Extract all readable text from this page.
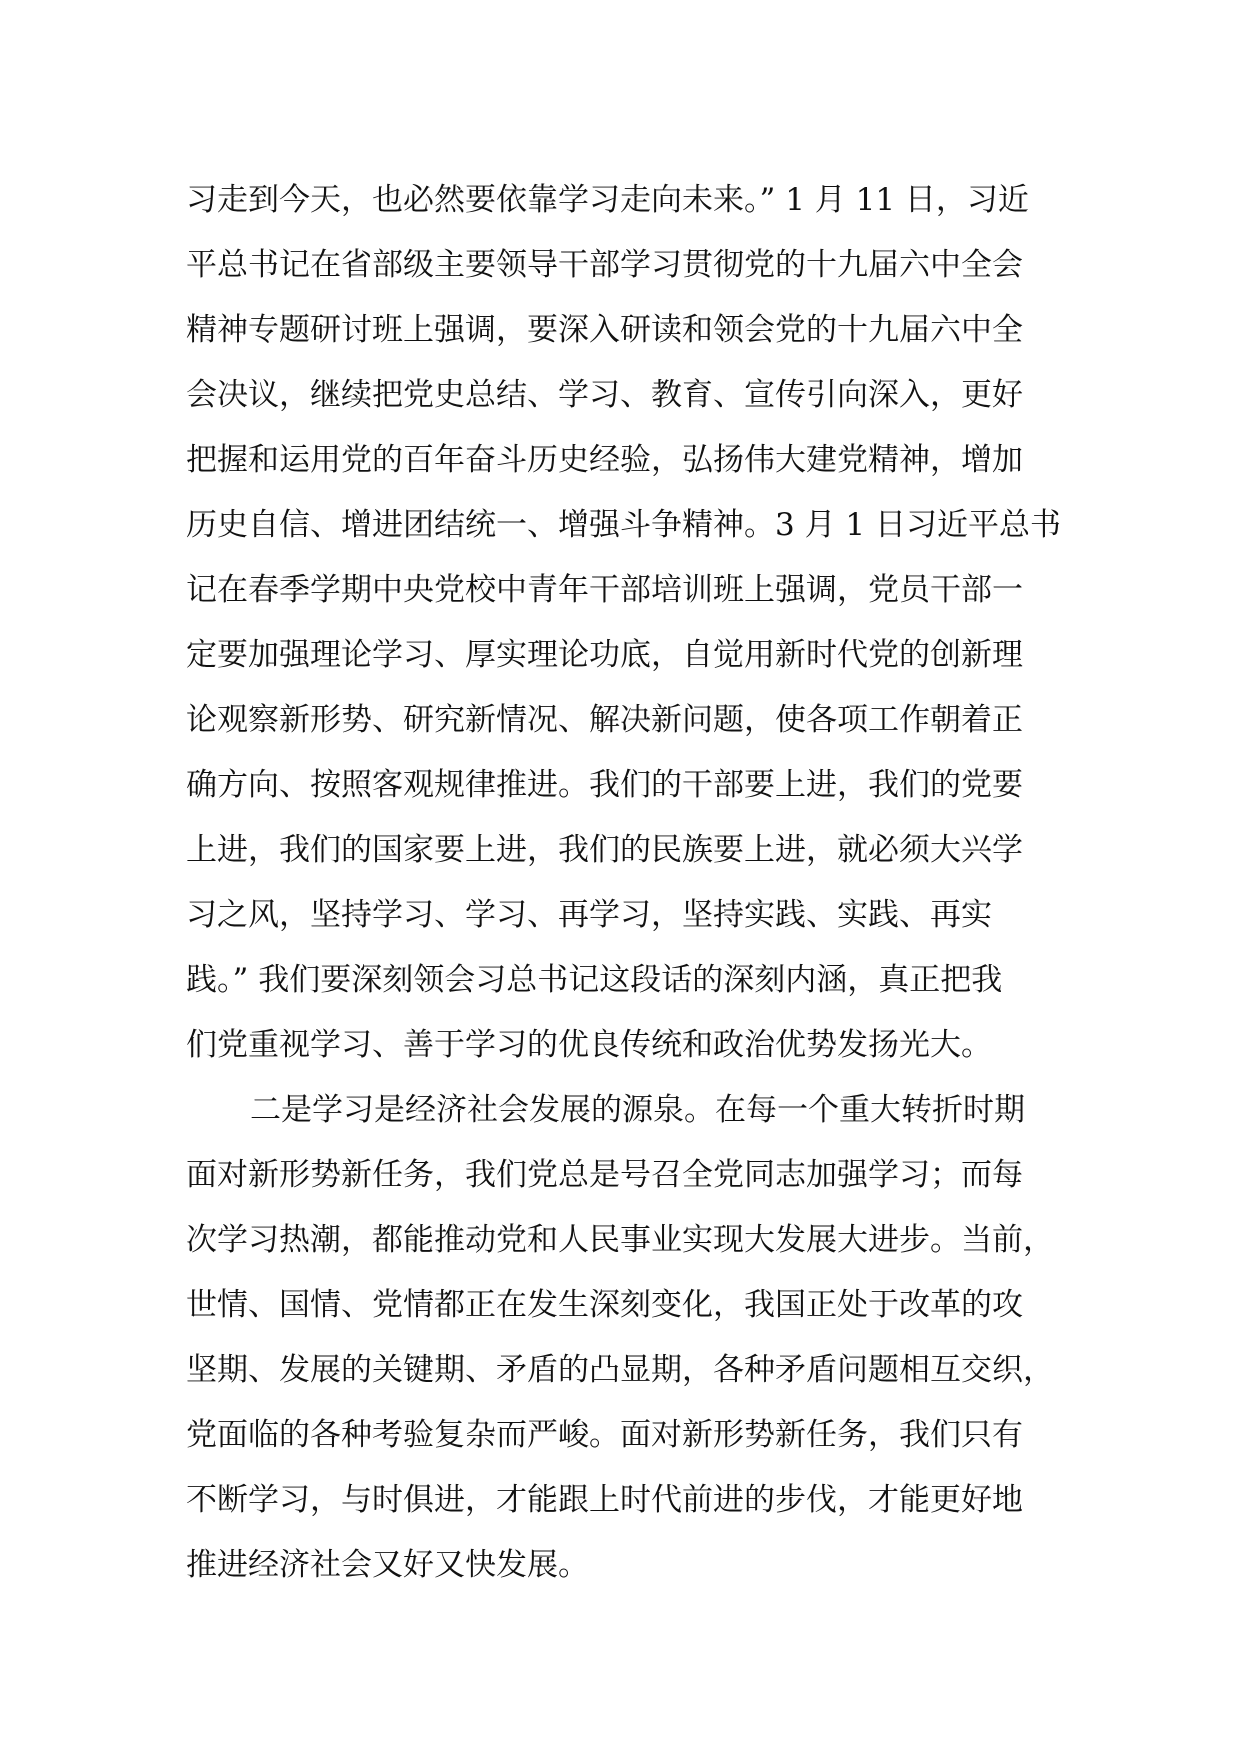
习走到今天，也必然要依靠学习走向未来。” 1 月 11 日，习近
平总书记在省部级主要领导干部学习贯彻党的十九届六中全会
精神专题研讨班上强调，要深入研读和领会党的十九届六中全
会决议，继续把党史总结、学习、教育、宣传引向深入，更好
把握和运用党的百年奋斗历史经验，弘扬伟大建党精神，增加
历史自信、增进团结统一、增强斗争精神。3 月 1 日习近平总书
记在春季学期中央党校中青年干部培训班上强调，党员干部一
定要加强理论学习、厚实理论功底，自觉用新时代党的创新理
论观察新形势、研究新情况、解决新问题，使各项工作朝着正
确方向、按照客观规律推进。我们的干部要上进，我们的党要
上进，我们的国家要上进，我们的民族要上进，就必须大兴学
习之风，坚持学习、学习、再学习，坚持实践、实践、再实
践。” 我们要深刻领会习总书记这段话的深刻内涵，真正把我
们党重视学习、善于学习的优良传统和政治优势发扬光大。
二是学习是经济社会发展的源泉。在每一个重大转折时期
面对新形势新任务，我们党总是号召全党同志加强学习；而每
次学习热潮，都能推动党和人民事业实现大发展大进步。当前，
世情、国情、党情都正在发生深刻变化，我国正处于改革的攻
坚期、发展的关键期、矛盾的凸显期，各种矛盾问题相互交织，
党面临的各种考验复杂而严峻。面对新形势新任务，我们只有
不断学习，与时俱进，才能跟上时代前进的步伐，才能更好地
推进经济社会又好又快发展。
